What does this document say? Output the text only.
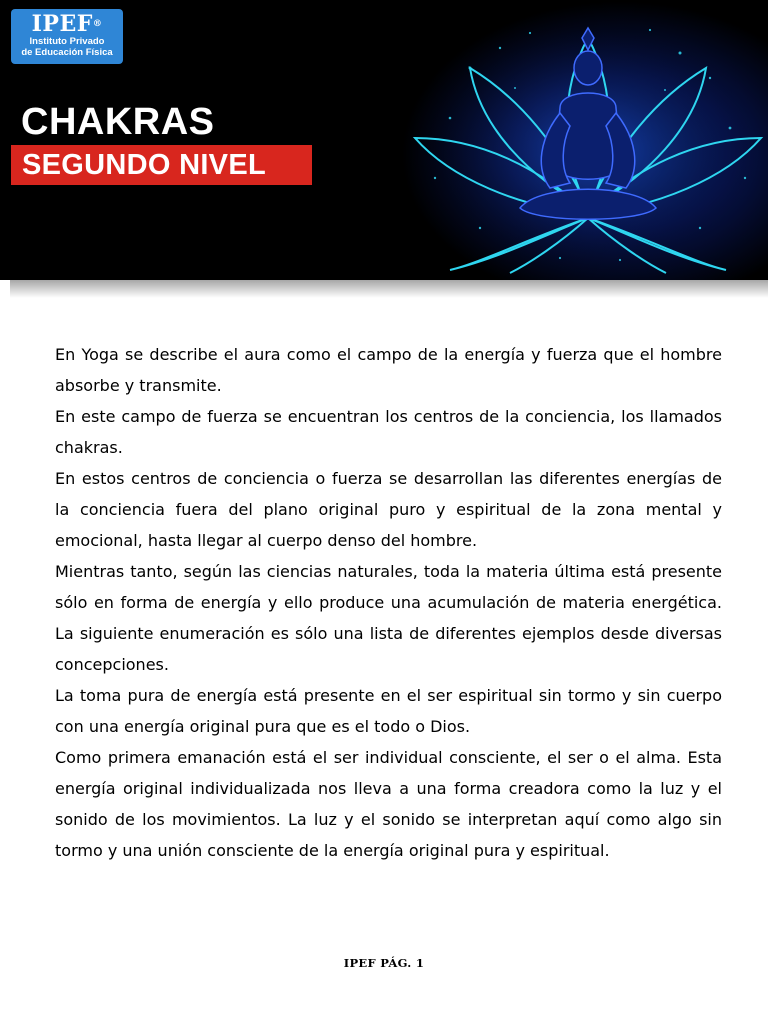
IPEF®
Instituto Privado
de Educación Física
CHAKRAS
SEGUNDO NIVEL

En Yoga se describe el aura como el campo de la energía y fuerza que el hombre absorbe y transmite.

En este campo de fuerza se encuentran los centros de la conciencia, los llamados chakras.

En estos centros de conciencia o fuerza se desarrollan las diferentes energías de la conciencia fuera del plano original puro y espiritual de la zona mental y emocional, hasta llegar al cuerpo denso del hombre.

Mientras tanto, según las ciencias naturales, toda la materia última está presente sólo en forma de energía y ello produce una acumulación de materia energética. La siguiente enumeración es sólo una lista de diferentes ejemplos desde diversas concepciones.

La toma pura de energía está presente en el ser espiritual sin tormo y sin cuerpo con una energía original pura que es el todo o Dios.

Como primera emanación está el ser individual consciente, el ser o el alma. Esta energía original individualizada nos lleva a una forma creadora como la luz y el sonido de los movimientos. La luz y el sonido se interpretan aquí como algo sin tormo y una unión consciente de la energía original pura y espiritual.

IPEF PÁG. 1
